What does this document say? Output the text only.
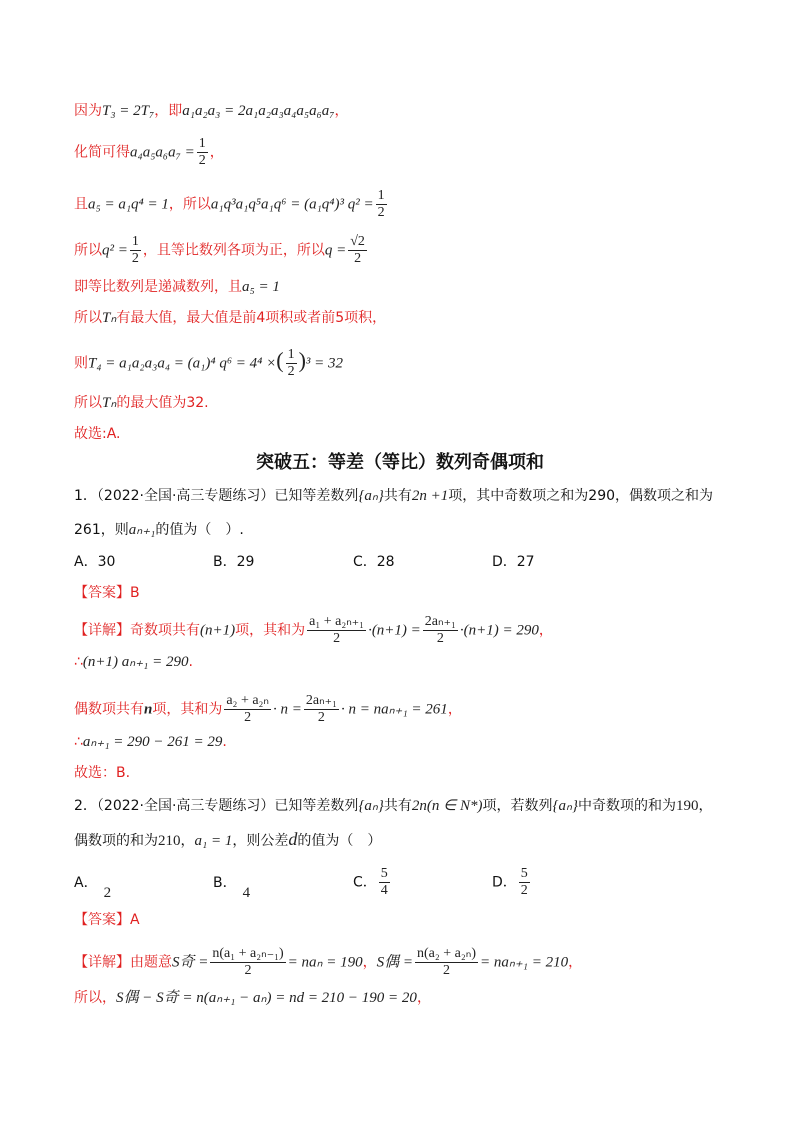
因为T₃ = 2T₇，即a₁a₂a₃ = 2a₁a₂a₃a₄a₅a₆a₇，
化简可得$a_4a_5a_6a_7 = \frac{1}{2}$ ，
且a₅ = a₁q⁴ = 1，所以a₁q³a₁q⁵a₁q⁶ = (a₁q⁴)³ $q^2 = \frac{1}{2}$
所以$q^2 = \frac{1}{2}$ ，且等比数列各项为正，所以$q = \frac{√2}{2}$
即等比数列是递减数列，且a₅ = 1
所以Tₙ有最大值，最大值是前4项积或者前5项积，
则T₄ = a₁a₂a₃a₄ = (a₁)⁴ q⁶ = 4⁴ ×( $\frac{1}{2} )^3 = 32$
所以Tₙ的最大值为32.
故选:A.
突破五：等差（等比）数列奇偶项和
1．（2022·全国·高三专题练习）已知等差数列{aₙ}共有2n +1项，其中奇数项之和为290，偶数项之和为
261，则aₙ₊₁的值为（　）.
A．30	B．29	C．28	D．27
【答案】B
【详解】奇数项共有(n+1)项，其和为 $\frac{\text{a₁ + a₂ₙ₊₁}}{2} \cdot(n+1) = \frac{\text{2aₙ₊₁}}{2} \cdot(n+1) = 290$，
∴(n+1) aₙ₊₁ = 290.
偶数项共有n项，其和为 $\frac{\text{a₂ + a₂ₙ}}{2} \cdot n = \frac{\text{2aₙ₊₁}}{2} \cdot n = na_{n+1} = 261$，
∴aₙ₊₁ = 290 − 261 = 29.
故选：B.
2．（2022·全国·高三专题练习）已知等差数列{aₙ}共有2n(n ∈ N*)项，若数列{aₙ}中奇数项的和为190，
偶数项的和为210，a₁ = 1，则公差d的值为（　）
A．2
B．4
C． $\frac{5}{4}$	D． $\frac{5}{2}$
【答案】A
【详解】由题意S奇 = $\frac{\text{n(a₁ + a₂ₙ₋₁)}}{2} = na_n = 190$，S偶 = $\frac{\text{n(a₂ + a₂ₙ)}}{2} = na_{n+1} = 210$，
所以，S偶 − S奇 = n(aₙ₊₁ − aₙ) = nd = 210 − 190 = 20，
